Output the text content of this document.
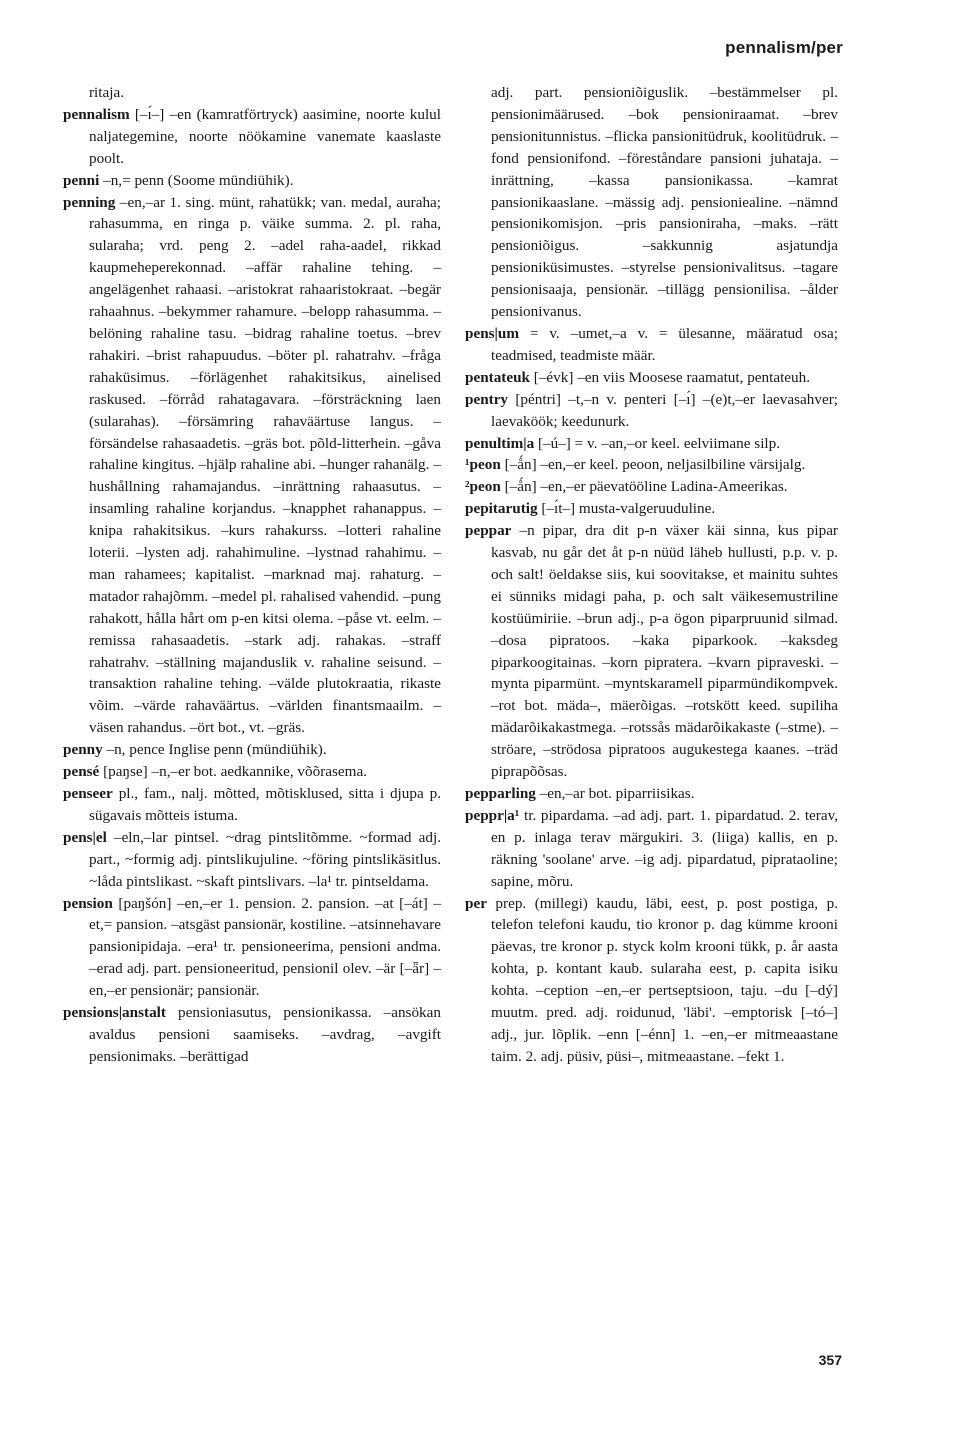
pennalism/per

ritaja.

pennalism [–ı́–] –en (kamratförtryck) aasimine, noorte kulul naljategemine, noorte nöökamine vanemate kaaslaste poolt.

penni –n,= penn (Soome mündiühik).

penning –en,–ar 1. sing. münt, rahatükk; van. medal, auraha; rahasumma, en ringa p. väike summa. 2. pl. raha, sularaha; vrd. peng 2. –adel raha-aadel, rikkad kaupmeheperekonnad. –affär rahaline tehing. –angelägenhet rahaasi. –aristokrat rahaaristokraat. –begär rahaahnus. –bekymmer rahamure. –belopp rahasumma. –belöning rahaline tasu. –bidrag rahaline toetus. –brev rahakiri. –brist rahapuudus. –böter pl. rahatrahv. –fråga rahaküsimus. –förlägenhet rahakitsikus, ainelised raskused. –förråd rahatagavara. –försträckning laen (sularahas). –försämring rahaväärtuse langus. –försändelse rahasaadetis. –gräs bot. põld-litterhein. –gåva rahaline kingitus. –hjälp rahaline abi. –hunger rahanälg. –hushållning rahamajandus. –inrättning rahaasutus. –insamling rahaline korjandus. –knapphet rahanappus. –knipa rahakitsikus. –kurs rahakurss. –lotteri rahaline loterii. –lysten adj. rahahimuline. –lystnad rahahimu. –man rahamees; kapitalist. –marknad maj. rahaturg. –matador rahajõmm. –medel pl. rahalised vahendid. –pung rahakott, hålla hårt om p-en kitsi olema. –påse vt. eelm. –remissa rahasaadetis. –stark adj. rahakas. –straff rahatrahv. –ställning majanduslik v. rahaline seisund. –transaktion rahaline tehing. –välde plutokraatia, rikaste võim. –värde rahaväärtus. –världen finantsmaailm. –väsen rahandus. –ört bot., vt. –gräs.

penny –n, pence Inglise penn (mündiühik).

pensé [paŋse] –n,–er bot. aedkannike, võõrasema.

penseer pl., fam., nalj. mõtted, mõtisklused, sitta i djupa p. sügavais mõtteis istuma.

pens|el –eln,–lar pintsel. ~drag pintslitõmme. ~formad adj. part., ~formig adj. pintslikujuline. ~föring pintslikäsitlus. ~låda pintslikast. ~skaft pintslivars. –la¹ tr. pintseldama.

pension [paŋšón] –en,–er 1. pension. 2. pansion. –at [–át] –et,= pansion. –atsgäst pansionär, kostiline. –atsinnehavare pansionipidaja. –era¹ tr. pensioneerima, pensioni andma. –erad adj. part. pensioneeritud, pensionil olev. –är [–ǟr] –en,–er pensionär; pansionär.

pensions|anstalt pensioniasutus, pensionikassa. –ansökan avaldus pensioni saamiseks. –avdrag, –avgift pensionimaks. –berättigad

adj. part. pensioniõiguslik. –bestämmelser pl. pensionimäärused. –bok pensioniraamat. –brev pensionitunnistus. –flicka pansionitüdruk, koolitüdruk. –fond pensionifond. –föreståndare pansioni juhataja. –inrättning, –kassa pansionikassa. –kamrat pansionikaaslane. –mässig adj. pensioniealine. –nämnd pensionikomisjon. –pris pansioniraha, –maks. –rätt pensioniõigus. –sakkunnig asjatundja pensioniküsimustes. –styrelse pensionivalitsus. –tagare pensionisaaja, pensionär. –tillägg pensionilisa. –ålder pensionivanus.

pens|um = v. –umet,–a v. = ülesanne, määratud osa; teadmised, teadmiste määr.

pentateuk [–évk] –en viis Moosese raamatut, pentateuh.

pentry [péntri] –t,–n v. penteri [–ı́] –(e)t,–er laevasahver; laevaköök; keedunurk.

penultim|a [–ú–] = v. –an,–or keel. eelviimane silp.

¹peon [–ǻn] –en,–er keel. peoon, neljasilbiline värsijalg.

²peon [–ǻn] –en,–er päevatööline Ladina-Ameerikas.

pepitarutig [–ı́t–] musta-valgeruuduline.

peppar –n pipar, dra dit p-n växer käi sinna, kus pipar kasvab, nu går det åt p-n nüüd läheb hullusti, p.p. v. p. och salt! öeldakse siis, kui soovitakse, et mainitu suhtes ei sünniks midagi paha, p. och salt väikesemustriline kostüümiriie. –brun adj., p-a ögon piparpruunid silmad. –dosa pipratoos. –kaka piparkook. –kaksdeg piparkoogitainas. –korn pipratera. –kvarn pipraveski. –mynta piparmünt. –myntskaramell piparmündikompvek. –rot bot. mäda–, mäerõigas. –rotskött keed. supiliha mädarõikakastmega. –rotssås mädarõikakaste (–stme). –ströare, –strödosa pipratoos augukestega kaanes. –träd piprapõõsas.

pepparling –en,–ar bot. piparriisikas.

peppr|a¹ tr. pipardama. –ad adj. part. 1. pipardatud. 2. terav, en p. inlaga terav märgukiri. 3. (liiga) kallis, en p. räkning 'soolane' arve. –ig adj. pipardatud, piprataoline; sapine, mõru.

per prep. (millegi) kaudu, läbi, eest, p. post postiga, p. telefon telefoni kaudu, tio kronor p. dag kümme krooni päevas, tre kronor p. styck kolm krooni tükk, p. år aasta kohta, p. kontant kaub. sularaha eest, p. capita isiku kohta. –ception –en,–er pertseptsioon, taju. –du [–dý] muutm. pred. adj. roidunud, 'läbi'. –emptorisk [–tó–] adj., jur. lõplik. –enn [–énn] 1. –en,–er mitmeaastane taim. 2. adj. püsiv, püsi–, mitmeaastane. –fekt 1.

357
